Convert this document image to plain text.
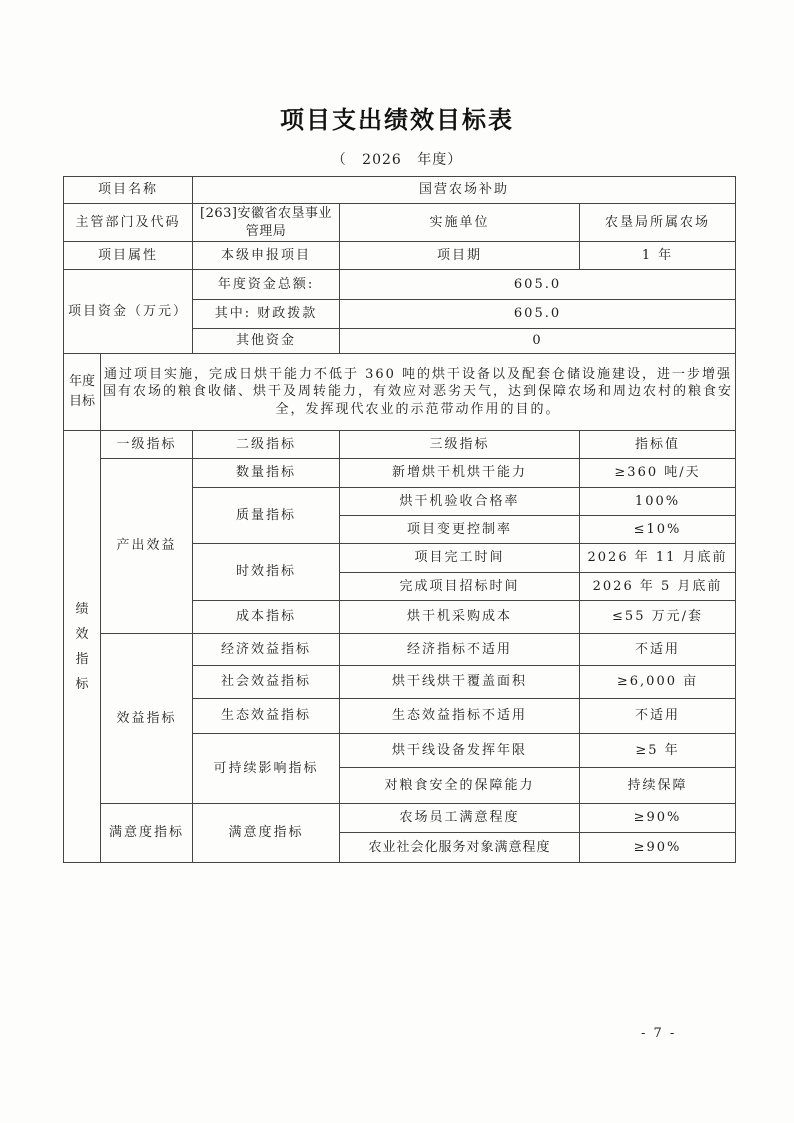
项目支出绩效目标表
（ 2026 年度）
项目名称		国营农场补助		
主管部门及代码		[263]安徽省农垦事业管理局	实施单位	农垦局所属农场
项目属性		本级申报项目	项目期	1 年
项目资金（万元）		年度资金总额:	605.0	
		其中: 财政拨款	605.0	
		其他资金	0	

年度目标	通过项目实施，完成日烘干能力不低于 360 吨的烘干设备以及配套仓储设施建设，进一步增强国有农场的粮食收储、烘干及周转能力，有效应对恶劣天气，达到保障农场和周边农村的粮食安全，发挥现代农业的示范带动作用的目的。			

绩效指标	一级指标	二级指标	三级指标	指标值
	产出效益	数量指标	新增烘干机烘干能力	≥360 吨/天
		质量指标	烘干机验收合格率	100%
			项目变更控制率	≤10%
		时效指标	项目完工时间	2026 年 11 月底前
			完成项目招标时间	2026 年 5 月底前
		成本指标	烘干机采购成本	≤55 万元/套
	效益指标	经济效益指标	经济指标不适用	不适用
		社会效益指标	烘干线烘干覆盖面积	≥6,000 亩
		生态效益指标	生态效益指标不适用	不适用
		可持续影响指标	烘干线设备发挥年限	≥5 年
			对粮食安全的保障能力	持续保障
	满意度指标	满意度指标	农场员工满意程度	≥90%
			农业社会化服务对象满意程度	≥90%
- 7 -
